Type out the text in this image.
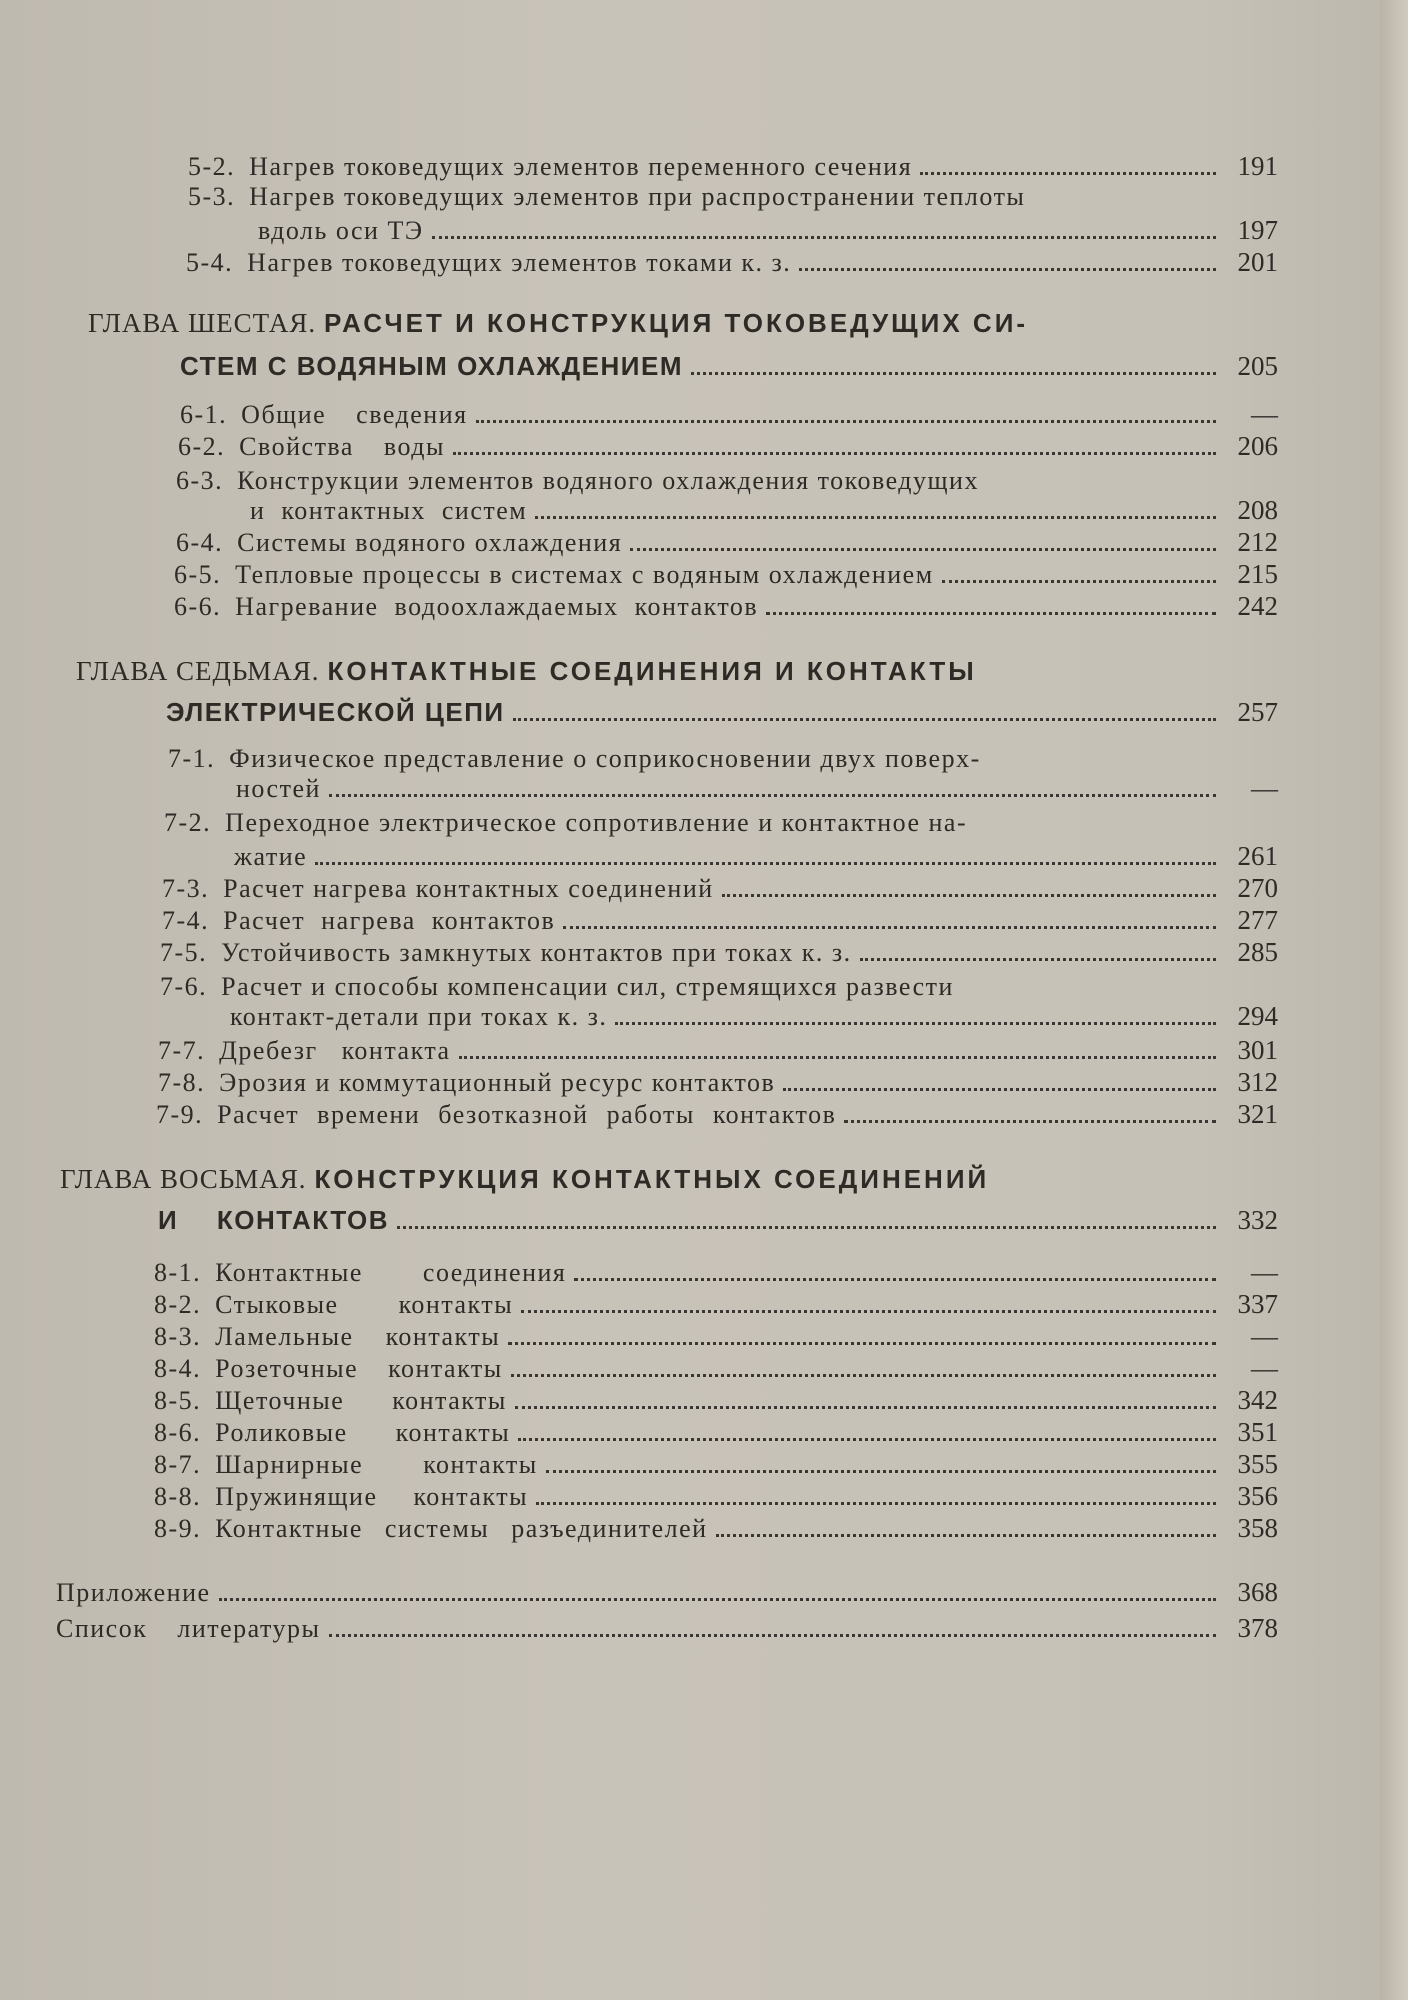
5-2. Нагрев токоведущих элементов переменного сечения	191
5-3. Нагрев токоведущих элементов при распространении теплоты
вдоль оси ТЭ	197
5-4. Нагрев токоведущих элементов токами к. з.	201
ГЛАВА ШЕСТАЯ. РАСЧЕТ И КОНСТРУКЦИЯ ТОКОВЕДУЩИХ СИ-
СТЕМ С ВОДЯНЫМ ОХЛАЖДЕНИЕМ	205
6-1. Общие сведения	—
6-2. Свойства воды	206
6-3. Конструкции элементов водяного охлаждения токоведущих
и контактных систем	208
6-4. Системы водяного охлаждения	212
6-5. Тепловые процессы в системах с водяным охлаждением	215
6-6. Нагревание водоохлаждаемых контактов	242
ГЛАВА СЕДЬМАЯ. КОНТАКТНЫЕ СОЕДИНЕНИЯ И КОНТАКТЫ
ЭЛЕКТРИЧЕСКОЙ ЦЕПИ	257
7-1. Физическое представление о соприкосновении двух поверх-
ностей	—
7-2. Переходное электрическое сопротивление и контактное на-
жатие	261
7-3. Расчет нагрева контактных соединений	270
7-4. Расчет нагрева контактов	277
7-5. Устойчивость замкнутых контактов при токах к. з.	285
7-6. Расчет и способы компенсации сил, стремящихся развести
контакт-детали при токах к. з.	294
7-7. Дребезг контакта	301
7-8. Эрозия и коммутационный ресурс контактов	312
7-9. Расчет времени безотказной работы контактов	321
ГЛАВА ВОСЬМАЯ. КОНСТРУКЦИЯ КОНТАКТНЫХ СОЕДИНЕНИЙ
И КОНТАКТОВ	332
8-1. Контактные соединения	—
8-2. Стыковые контакты	337
8-3. Ламельные контакты	—
8-4. Розеточные контакты	—
8-5. Щеточные контакты	342
8-6. Роликовые контакты	351
8-7. Шарнирные контакты	355
8-8. Пружинящие контакты	356
8-9. Контактные системы разъединителей	358
Приложение	368
Список литературы	378
